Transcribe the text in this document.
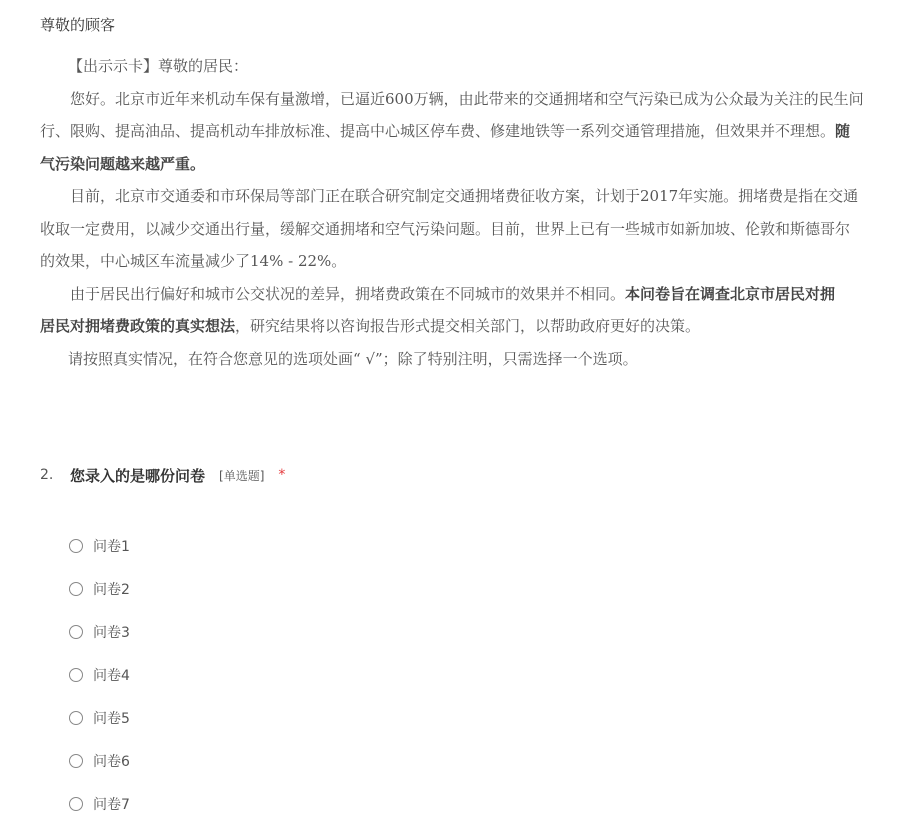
尊敬的顾客
【出示示卡】尊敬的居民：
您好。北京市近年来机动车保有量激增，已逼近600万辆，由此带来的交通拥堵和空气污染已成为公众最为关注的民生问
行、限购、提高油品、提高机动车排放标准、提高中心城区停车费、修建地铁等一系列交通管理措施，但效果并不理想。随
气污染问题越来越严重。
目前，北京市交通委和市环保局等部门正在联合研究制定交通拥堵费征收方案，计划于2017年实施。拥堵费是指在交通
收取一定费用，以减少交通出行量，缓解交通拥堵和空气污染问题。目前，世界上已有一些城市如新加坡、伦敦和斯德哥尔
的效果，中心城区车流量减少了14% - 22%。
由于居民出行偏好和城市公交状况的差异，拥堵费政策在不同城市的效果并不相同。本问卷旨在调查北京市居民对拥
居民对拥堵费政策的真实想法，研究结果将以咨询报告形式提交相关部门，以帮助政府更好的决策。
请按照真实情况，在符合您意见的选项处画“ √”；除了特别注明，只需选择一个选项。
2.	您录入的是哪份问卷 [单选题] *
问卷1
问卷2
问卷3
问卷4
问卷5
问卷6
问卷7
